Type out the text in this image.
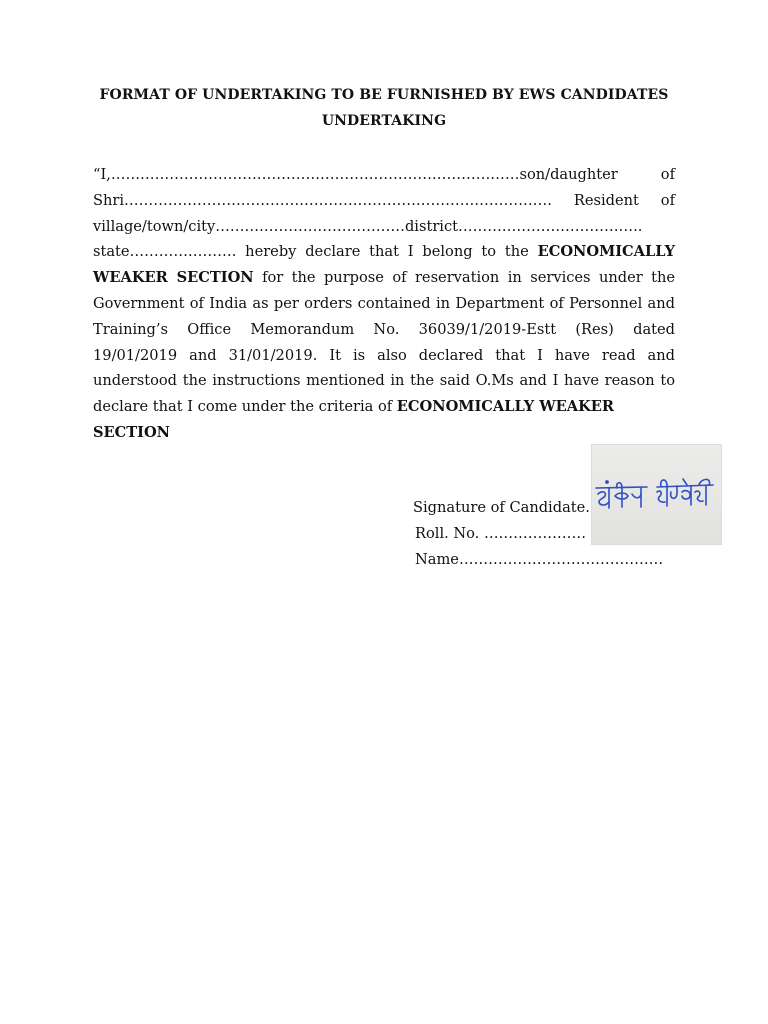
FORMAT OF UNDERTAKING TO BE FURNISHED BY EWS CANDIDATES
UNDERTAKING
“I,…………………………………………………………………………son/daughter of
Shri……………………………………………………………………………. Resident of
village/town/city…………………………………district………………………………..
state…………………. hereby declare that I belong to the ECONOMICALLY
WEAKER SECTION for the purpose of reservation in services under the
Government of India as per orders contained in Department of Personnel and
Training’s Office Memorandum No. 36039/1/2019-Estt (Res) dated
19/01/2019 and 31/01/2019. It is also declared that I have read and
understood the instructions mentioned in the said O.Ms and I have reason to
declare that I come under the criteria of ECONOMICALLY WEAKER
SECTION
Signature of Candidate.
Roll. No. …………………
Name……………………………………
